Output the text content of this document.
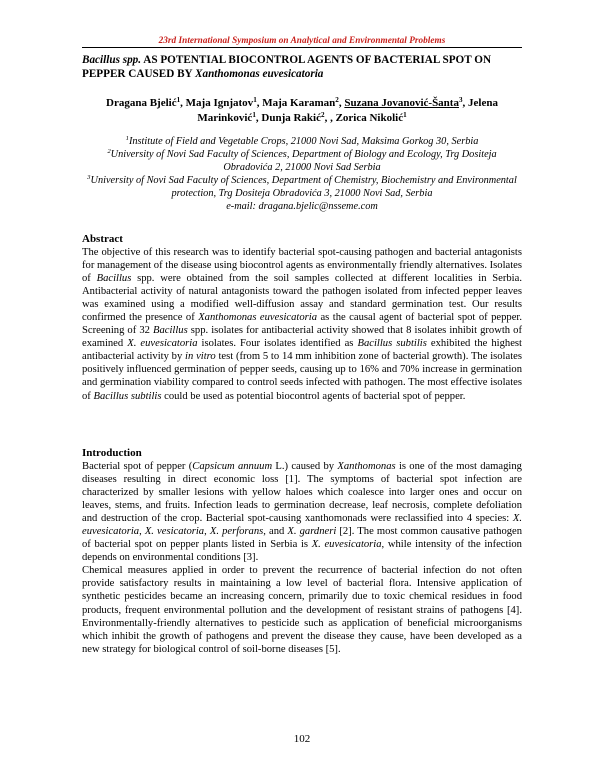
23rd International Symposium on Analytical and Environmental Problems
Bacillus spp. AS POTENTIAL BIOCONTROL AGENTS OF BACTERIAL SPOT ON PEPPER CAUSED BY Xanthomonas euvesicatoria
Dragana Bjelić$^1$, Maja Ignjatov$^1$, Maja Karaman$^2$, Suzana Jovanović-Šanta$^3$, Jelena Marinković$^1$, Dunja Rakić$^2$, , Zorica Nikolić$^1$

$^1$Institute of Field and Vegetable Crops, 21000 Novi Sad, Maksima Gorkog 30, Serbia

$^2$University of Novi Sad Faculty of Sciences, Department of Biology and Ecology, Trg Dositeja Obradovića 2, 21000 Novi Sad Serbia

$^3$University of Novi Sad Faculty of Sciences, Department of Chemistry, Biochemistry and Environmental protection, Trg Dositeja Obradovića 3, 21000 Novi Sad, Serbia

e-mail: dragana.bjelic@nsseme.com

Abstract
The objective of this research was to identify bacterial spot-causing pathogen and bacterial antagonists for management of the disease using biocontrol agents as environmentally friendly alternatives. Isolates of Bacillus spp. were obtained from the soil samples collected at different localities in Serbia. Antibacterial activity of natural antagonists toward the pathogen isolated from infected pepper leaves was examined using a modified well-diffusion assay and standard germination test. Our results confirmed the presence of Xanthomonas euvesicatoria as the causal agent of bacterial spot of pepper. Screening of 32 Bacillus spp. isolates for antibacterial activity showed that 8 isolates inhibit growth of examined X. euvesicatoria isolates. Four isolates identified as Bacillus subtilis exhibited the highest antibacterial activity by in vitro test (from 5 to 14 mm inhibition zone of bacterial growth). The isolates positively influenced germination of pepper seeds, causing up to 16% and 70% increase in germination and germination viability compared to control seeds infected with pathogen. The most effective isolates of Bacillus subtilis could be used as potential biocontrol agents of bacterial spot of pepper.
Introduction

Bacterial spot of pepper (Capsicum annuum L.) caused by Xanthomonas is one of the most damaging diseases resulting in direct economic loss [1]. The symptoms of bacterial spot infection are characterized by smaller lesions with yellow haloes which coalesce into larger ones and occur on leaves, stems, and fruits. Infection leads to germination decrease, leaf necrosis, complete defoliation and destruction of the crop. Bacterial spot-causing xanthomonads were reclassified into 4 species: X. euvesicatoria, X. vesicatoria, X. perforans, and X. gardneri [2]. The most common causative pathogen of bacterial spot on pepper plants listed in Serbia is X. euvesicatoria, while intensity of the infection depends on environmental conditions [3].

Chemical measures applied in order to prevent the recurrence of bacterial infection do not often provide satisfactory results in maintaining a low level of bacterial flora. Intensive application of synthetic pesticides became an increasing concern, primarily due to toxic chemical residues in food products, frequent environmental pollution and the development of resistant strains of pathogens [4]. Environmentally-friendly alternatives to pesticide such as application of beneficial microorganisms which inhibit the growth of pathogens and prevent the disease they cause, have been developed as a new strategy for biological control of soil-borne diseases [5].

102
